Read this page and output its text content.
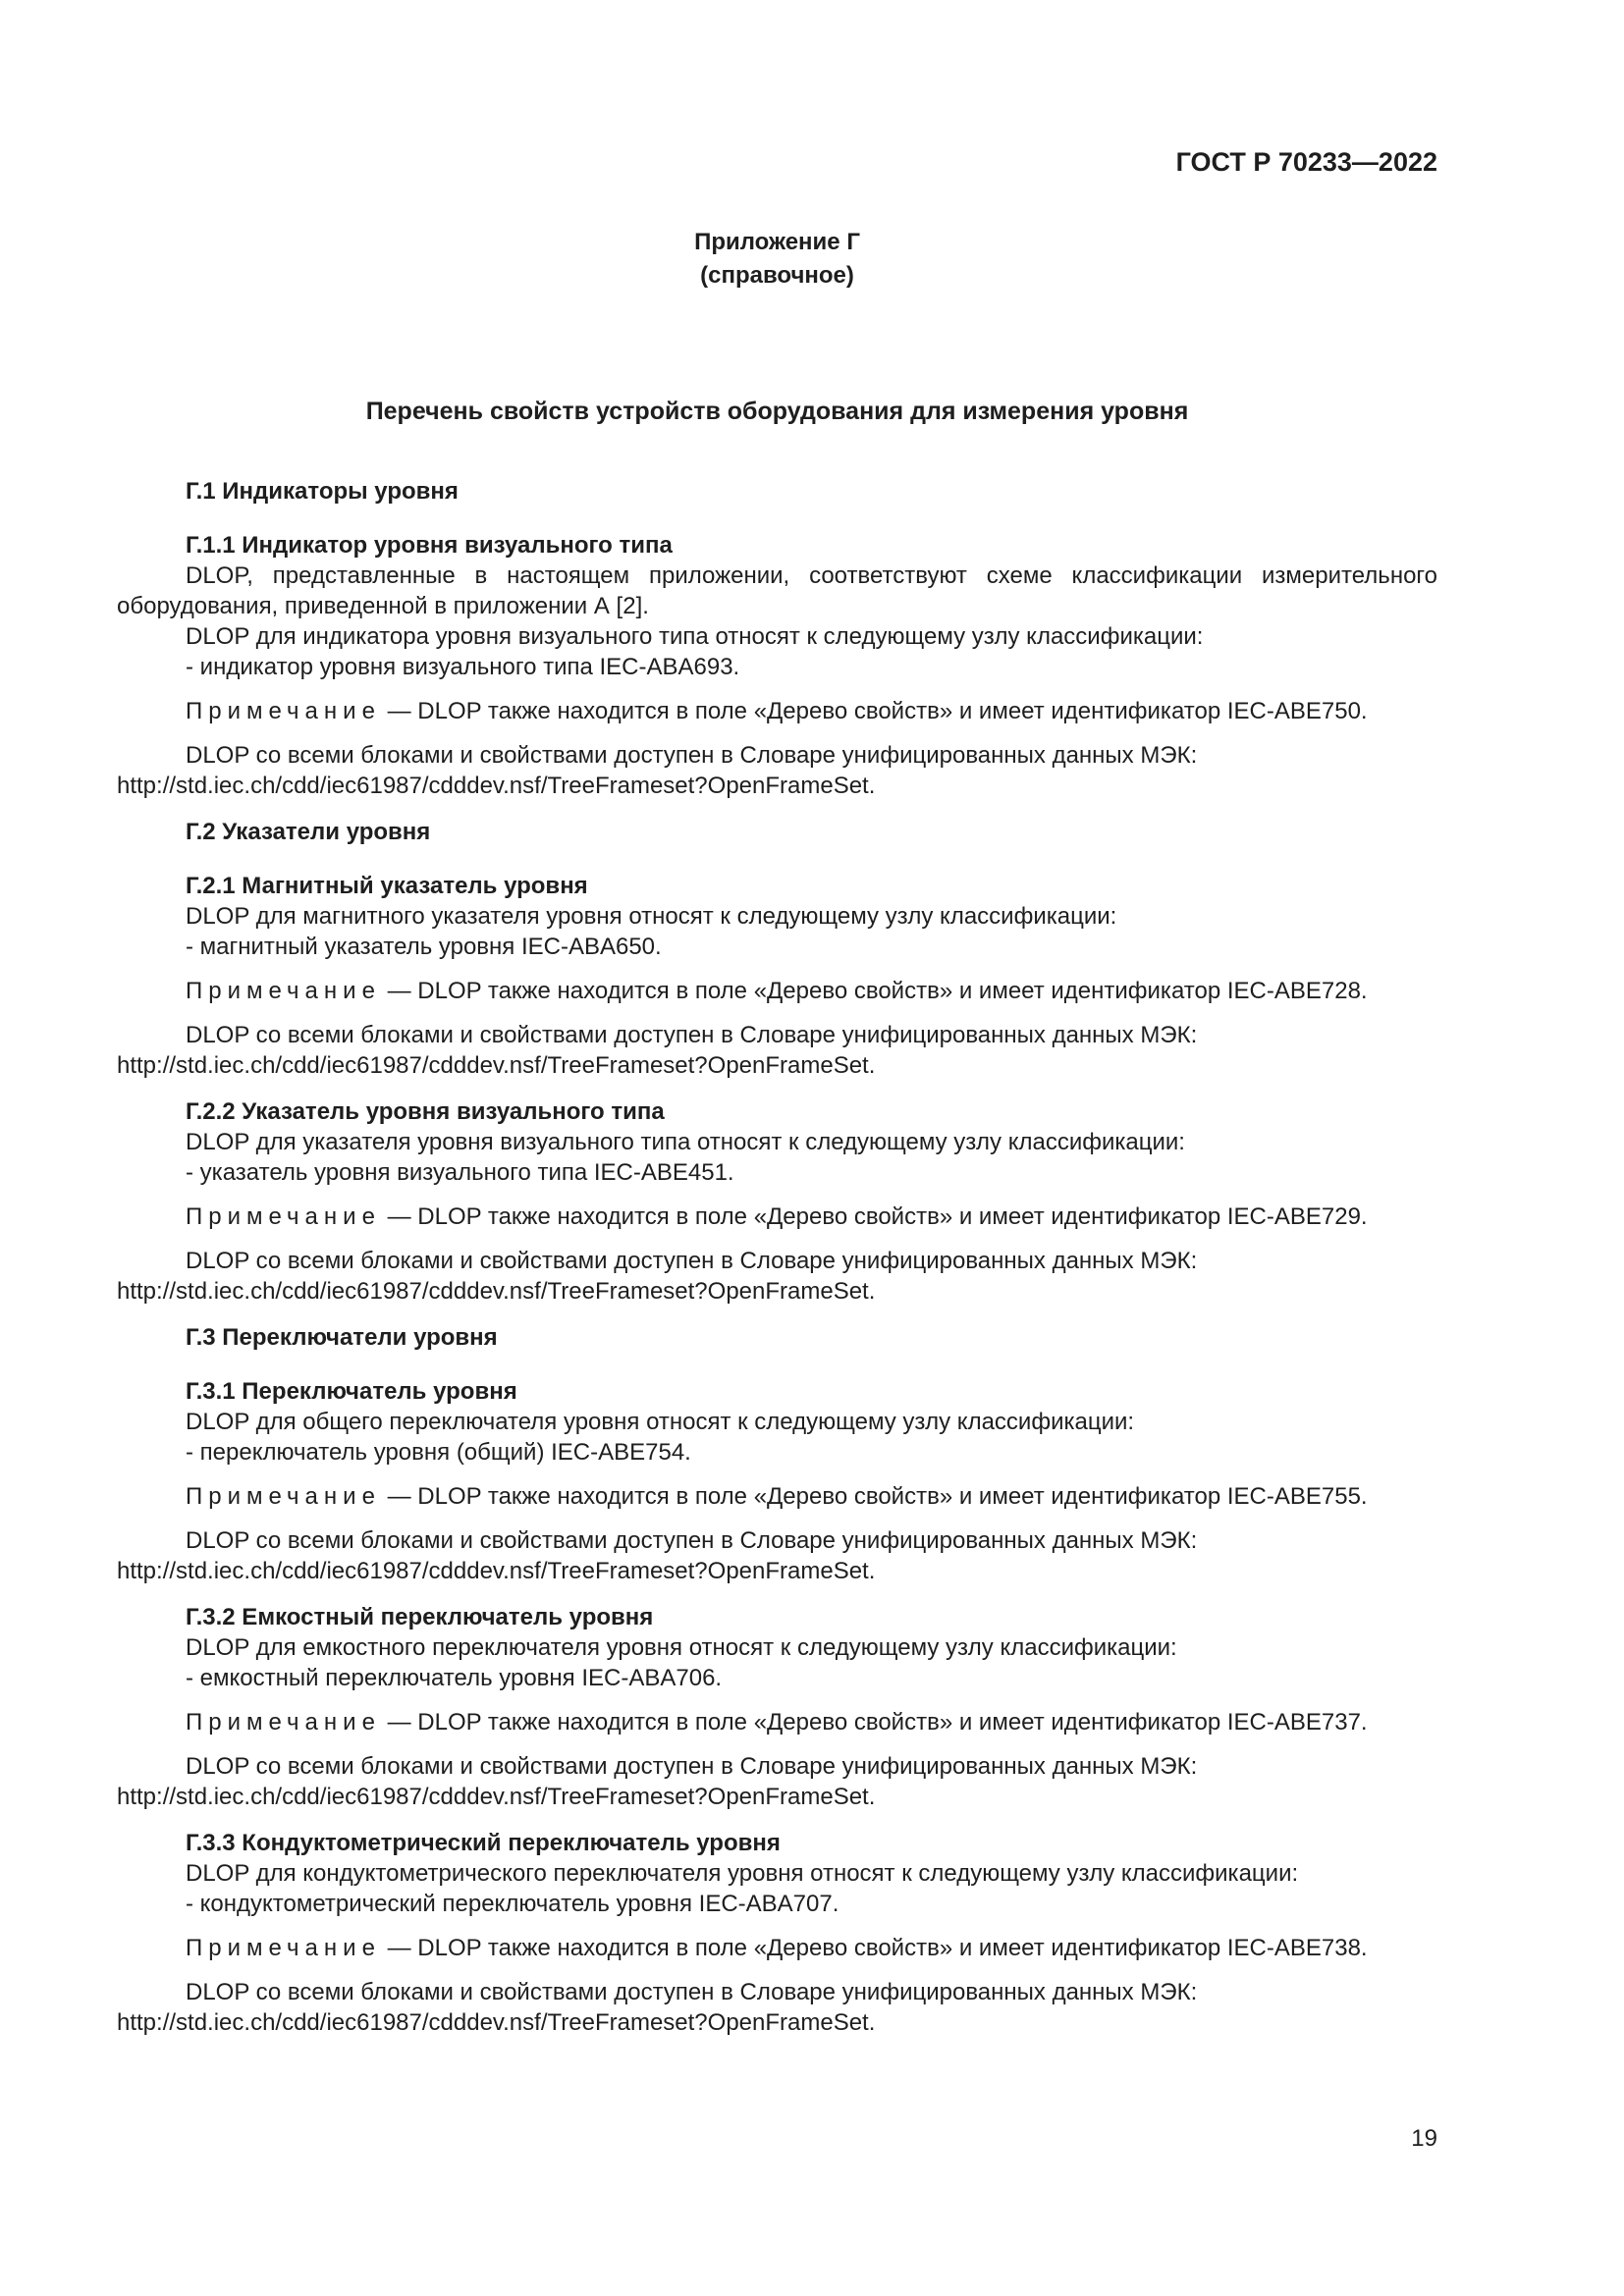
ГОСТ Р 70233—2022
Приложение Г
(справочное)
Перечень свойств устройств оборудования для измерения уровня
Г.1 Индикаторы уровня
Г.1.1 Индикатор уровня визуального типа
DLOP, представленные в настоящем приложении, соответствуют схеме классификации измерительного оборудования, приведенной в приложении А [2].
DLOP для индикатора уровня визуального типа относят к следующему узлу классификации:
- индикатор уровня визуального типа IEC-ABA693.
Примечание — DLOP также находится в поле «Дерево свойств» и имеет идентификатор IEC-ABE750.
DLOP со всеми блоками и свойствами доступен в Словаре унифицированных данных МЭК: http://std.iec.ch/cdd/iec61987/cdddev.nsf/TreeFrameset?OpenFrameSet.
Г.2 Указатели уровня
Г.2.1 Магнитный указатель уровня
DLOP для магнитного указателя уровня относят к следующему узлу классификации:
- магнитный указатель уровня IEC-ABA650.
Примечание — DLOP также находится в поле «Дерево свойств» и имеет идентификатор IEC-ABE728.
DLOP со всеми блоками и свойствами доступен в Словаре унифицированных данных МЭК: http://std.iec.ch/cdd/iec61987/cdddev.nsf/TreeFrameset?OpenFrameSet.
Г.2.2 Указатель уровня визуального типа
DLOP для указателя уровня визуального типа относят к следующему узлу классификации:
- указатель уровня визуального типа IEC-ABE451.
Примечание — DLOP также находится в поле «Дерево свойств» и имеет идентификатор IEC-ABE729.
DLOP со всеми блоками и свойствами доступен в Словаре унифицированных данных МЭК: http://std.iec.ch/cdd/iec61987/cdddev.nsf/TreeFrameset?OpenFrameSet.
Г.3 Переключатели уровня
Г.3.1 Переключатель уровня
DLOP для общего переключателя уровня относят к следующему узлу классификации:
- переключатель уровня (общий) IEC-ABE754.
Примечание — DLOP также находится в поле «Дерево свойств» и имеет идентификатор IEC-ABE755.
DLOP со всеми блоками и свойствами доступен в Словаре унифицированных данных МЭК: http://std.iec.ch/cdd/iec61987/cdddev.nsf/TreeFrameset?OpenFrameSet.
Г.3.2 Емкостный переключатель уровня
DLOP для емкостного переключателя уровня относят к следующему узлу классификации:
- емкостный переключатель уровня IEC-ABA706.
Примечание — DLOP также находится в поле «Дерево свойств» и имеет идентификатор IEC-ABE737.
DLOP со всеми блоками и свойствами доступен в Словаре унифицированных данных МЭК: http://std.iec.ch/cdd/iec61987/cdddev.nsf/TreeFrameset?OpenFrameSet.
Г.3.3 Кондуктометрический переключатель уровня
DLOP для кондуктометрического переключателя уровня относят к следующему узлу классификации:
- кондуктометрический переключатель уровня IEC-ABA707.
Примечание — DLOP также находится в поле «Дерево свойств» и имеет идентификатор IEC-ABE738.
DLOP со всеми блоками и свойствами доступен в Словаре унифицированных данных МЭК: http://std.iec.ch/cdd/iec61987/cdddev.nsf/TreeFrameset?OpenFrameSet.
19
